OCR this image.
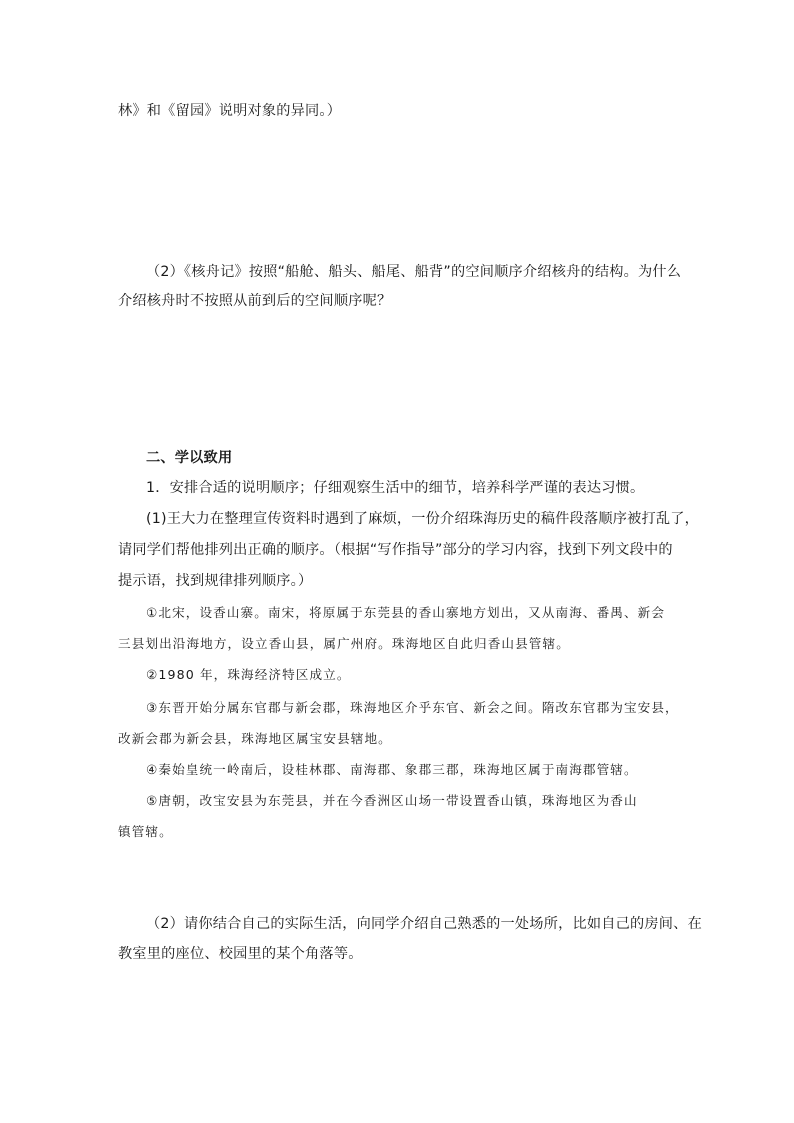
林》和《留园》说明对象的异同。）
（2）《核舟记》按照“船舱、船头、船尾、船背”的空间顺序介绍核舟的结构。为什么
介绍核舟时不按照从前到后的空间顺序呢？
二、学以致用
1．安排合适的说明顺序；仔细观察生活中的细节，培养科学严谨的表达习惯。
(1)王大力在整理宣传资料时遇到了麻烦，一份介绍珠海历史的稿件段落顺序被打乱了，
请同学们帮他排列出正确的顺序。（根据“写作指导”部分的学习内容，找到下列文段中的
提示语，找到规律排列顺序。）
①北宋，设香山寨。南宋，将原属于东莞县的香山寨地方划出，又从南海、番禺、新会
三县划出沿海地方，设立香山县，属广州府。珠海地区自此归香山县管辖。
②1980 年，珠海经济特区成立。
③东晋开始分属东官郡与新会郡，珠海地区介乎东官、新会之间。隋改东官郡为宝安县，
改新会郡为新会县，珠海地区属宝安县辖地。
④秦始皇统一岭南后，设桂林郡、南海郡、象郡三郡，珠海地区属于南海郡管辖。
⑤唐朝，改宝安县为东莞县，并在今香洲区山场一带设置香山镇，珠海地区为香山
镇管辖。
（2）请你结合自己的实际生活，向同学介绍自己熟悉的一处场所，比如自己的房间、在
教室里的座位、校园里的某个角落等。
